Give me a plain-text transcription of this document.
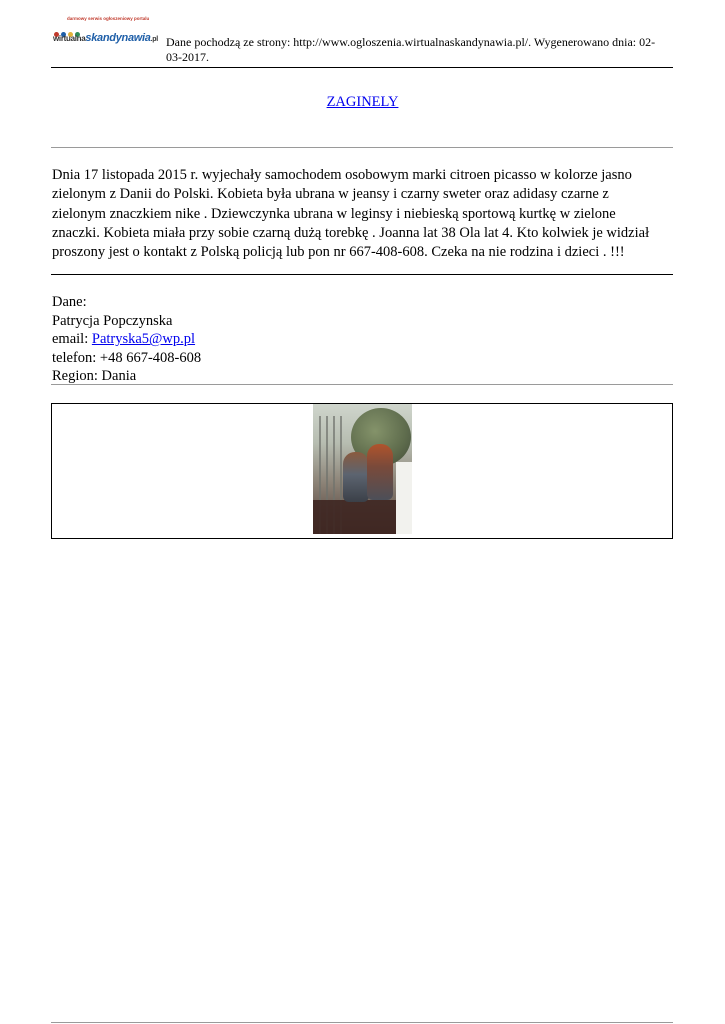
darmowy serwis ogłoszeniowy portalu
wirtualnaskandynawia.pl Dane pochodzą ze strony: http://www.ogloszenia.wirtualnaskandynawia.pl/. Wygenerowano dnia: 02-03-2017.
ZAGINELY
Dnia 17 listopada 2015 r. wyjechały samochodem osobowym marki citroen picasso w kolorze jasno zielonym z Danii do Polski. Kobieta była ubrana w jeansy i czarny sweter oraz adidasy czarne z zielonym znaczkiem nike . Dziewczynka ubrana w leginsy i niebieską sportową kurtkę w zielone znaczki. Kobieta miała przy sobie czarną dużą torebkę . Joanna lat 38 Ola lat 4. Kto kolwiek je widział proszony jest o kontakt z Polską policją lub pon nr 667-408-608. Czeka na nie rodzina i dzieci . !!!
Dane:
Patrycja Popczynska
email: Patryska5@wp.pl
telefon: +48 667-408-608
Region: Dania
